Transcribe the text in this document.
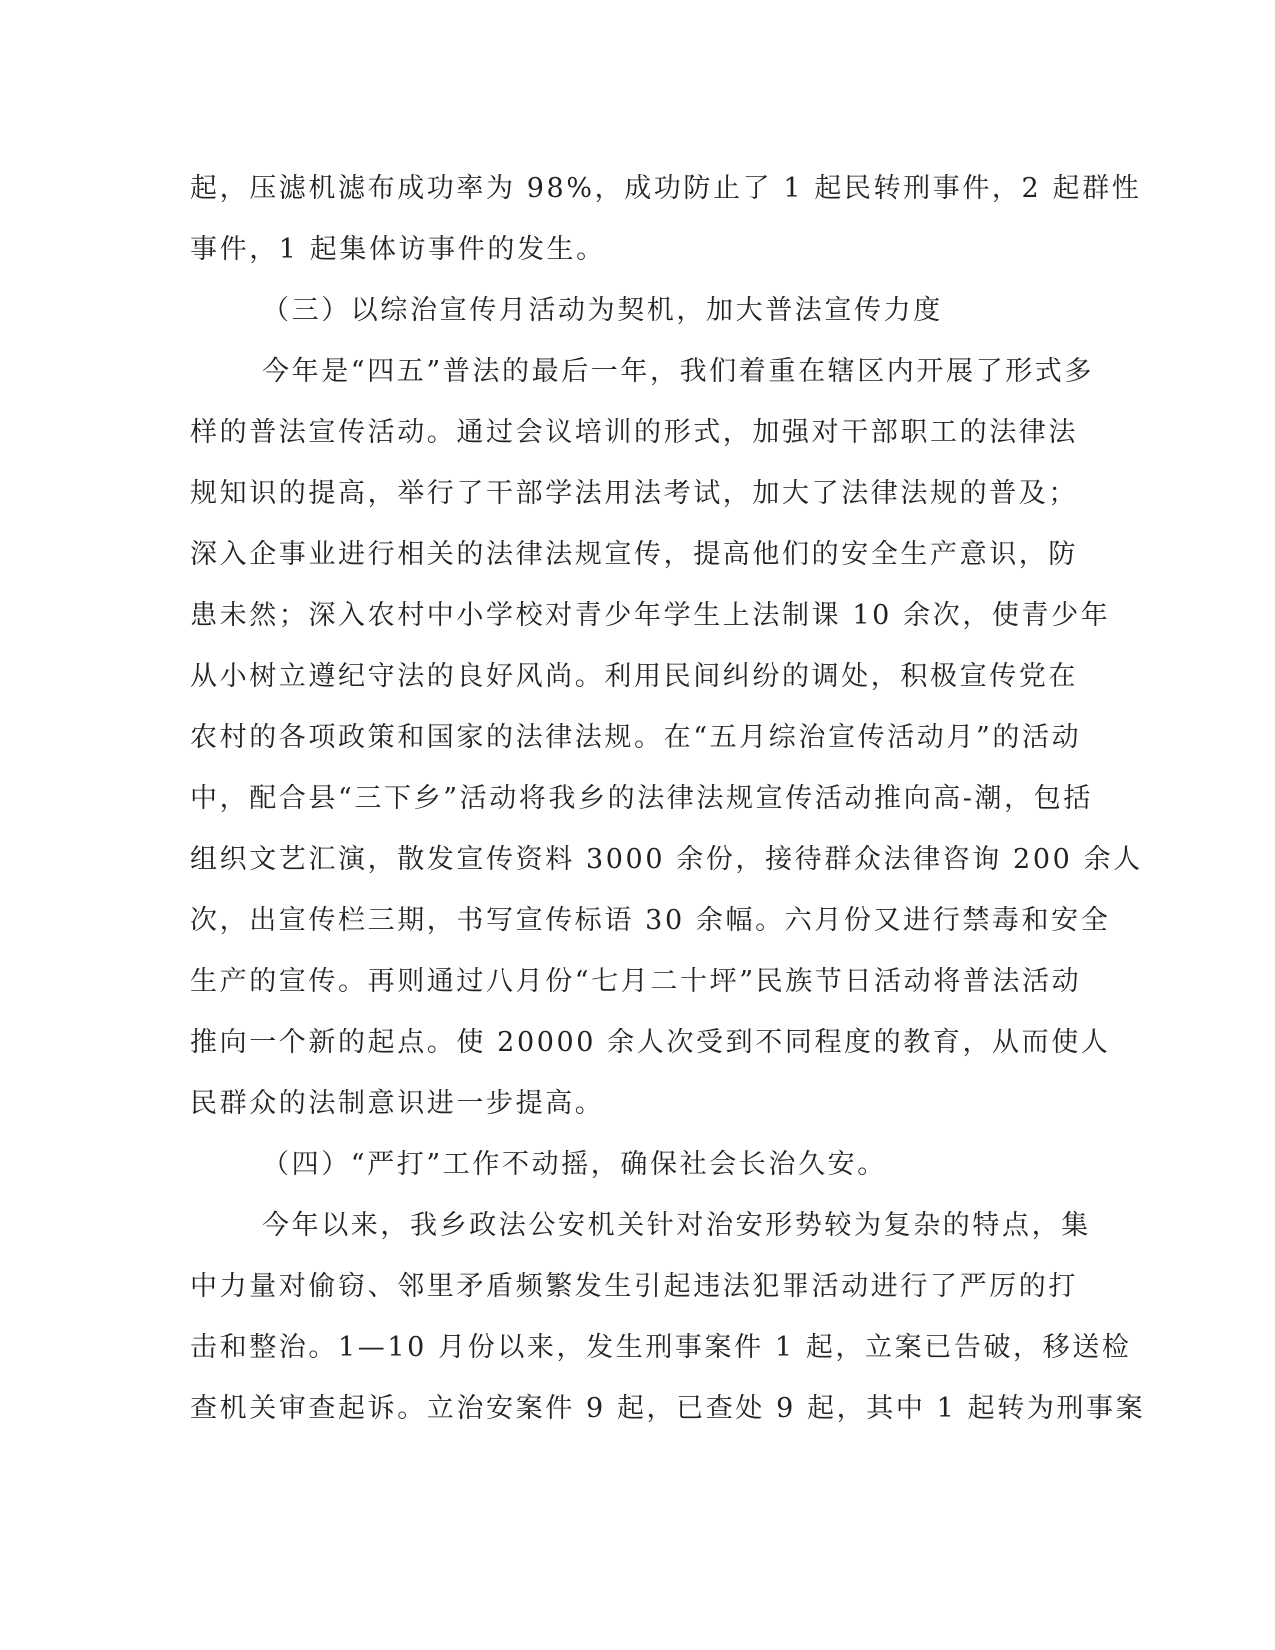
起，压滤机滤布成功率为 98%，成功防止了 1 起民转刑事件，2 起群性
事件，1 起集体访事件的发生。
（三）以综治宣传月活动为契机，加大普法宣传力度
今年是“四五”普法的最后一年，我们着重在辖区内开展了形式多
样的普法宣传活动。通过会议培训的形式，加强对干部职工的法律法
规知识的提高，举行了干部学法用法考试，加大了法律法规的普及；
深入企事业进行相关的法律法规宣传，提高他们的安全生产意识，防
患未然；深入农村中小学校对青少年学生上法制课 10 余次，使青少年
从小树立遵纪守法的良好风尚。利用民间纠纷的调处，积极宣传党在
农村的各项政策和国家的法律法规。在“五月综治宣传活动月”的活动
中，配合县“三下乡”活动将我乡的法律法规宣传活动推向高-潮，包括
组织文艺汇演，散发宣传资料 3000 余份，接待群众法律咨询 200 余人
次，出宣传栏三期，书写宣传标语 30 余幅。六月份又进行禁毒和安全
生产的宣传。再则通过八月份“七月二十坪”民族节日活动将普法活动
推向一个新的起点。使 20000 余人次受到不同程度的教育，从而使人
民群众的法制意识进一步提高。
（四）“严打”工作不动摇，确保社会长治久安。
今年以来，我乡政法公安机关针对治安形势较为复杂的特点，集
中力量对偷窃、邻里矛盾频繁发生引起违法犯罪活动进行了严厉的打
击和整治。1—10 月份以来，发生刑事案件 1 起，立案已告破，移送检
查机关审查起诉。立治安案件 9 起，已查处 9 起，其中 1 起转为刑事案
